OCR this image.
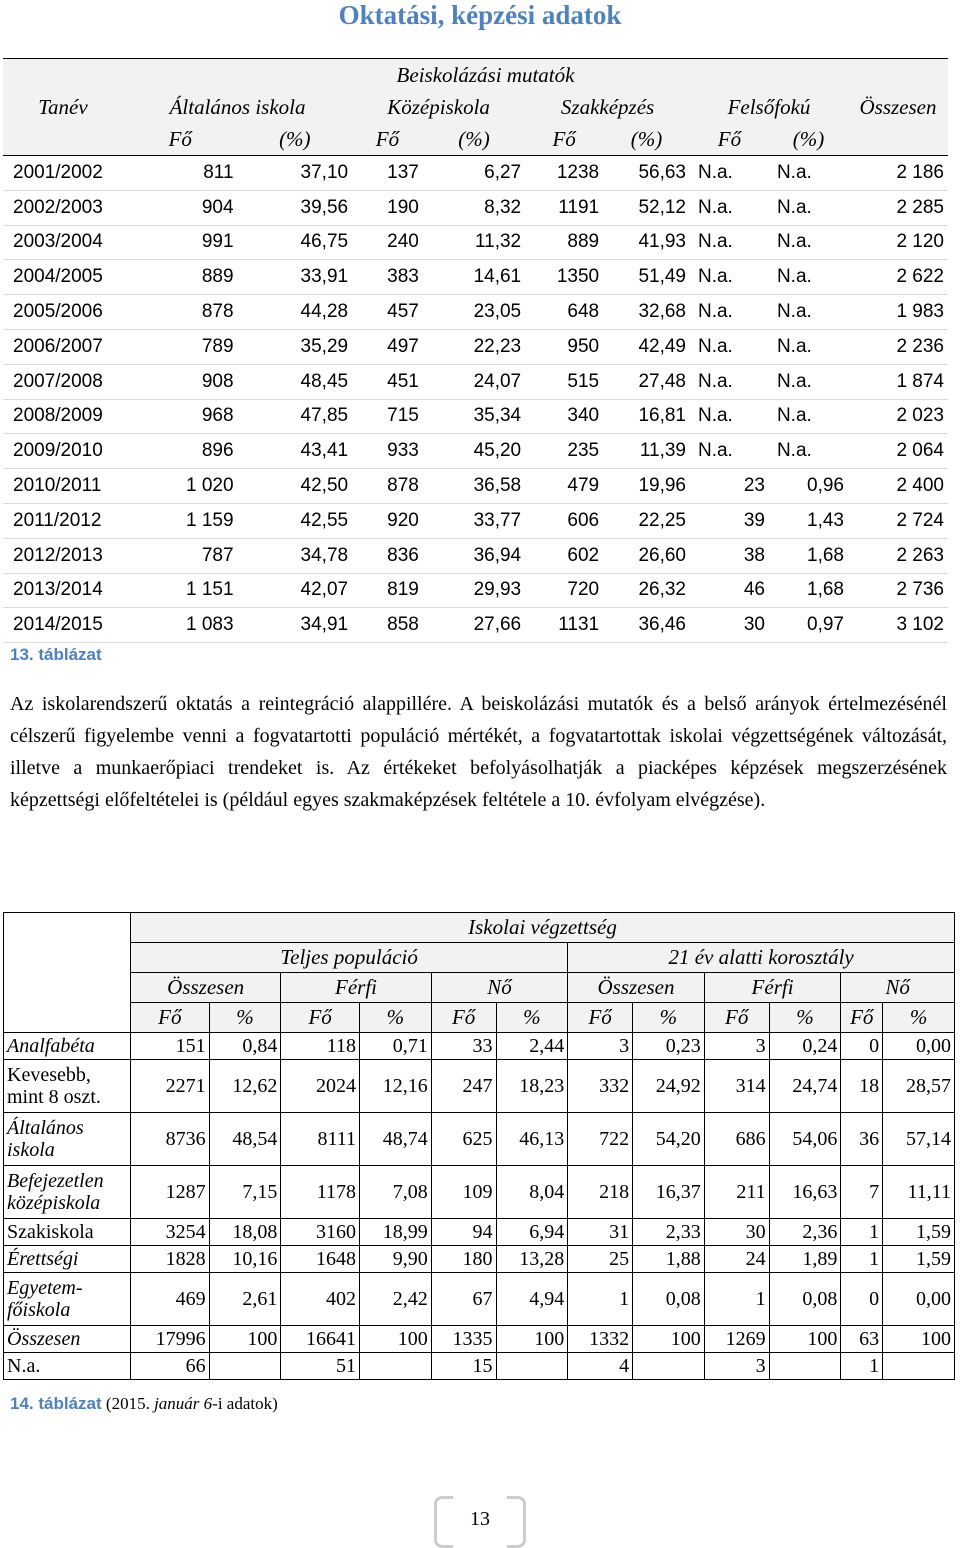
Oktatási, képzési adatok
Tanév	Beiskolázási mutatók								Összesen
	Általános iskola		Középiskola		Szakképzés		Felsőfokú		
	Fő	(%)	Fő	(%)	Fő	(%)	Fő	(%)	
2001/2002	811	37,10	137	6,27	1238	56,63	N.a.	N.a.	2 186
2002/2003	904	39,56	190	8,32	1191	52,12	N.a.	N.a.	2 285
2003/2004	991	46,75	240	11,32	889	41,93	N.a.	N.a.	2 120
2004/2005	889	33,91	383	14,61	1350	51,49	N.a.	N.a.	2 622
2005/2006	878	44,28	457	23,05	648	32,68	N.a.	N.a.	1 983
2006/2007	789	35,29	497	22,23	950	42,49	N.a.	N.a.	2 236
2007/2008	908	48,45	451	24,07	515	27,48	N.a.	N.a.	1 874
2008/2009	968	47,85	715	35,34	340	16,81	N.a.	N.a.	2 023
2009/2010	896	43,41	933	45,20	235	11,39	N.a.	N.a.	2 064
2010/2011	1 020	42,50	878	36,58	479	19,96	23	0,96	2 400
2011/2012	1 159	42,55	920	33,77	606	22,25	39	1,43	2 724
2012/2013	787	34,78	836	36,94	602	26,60	38	1,68	2 263
2013/2014	1 151	42,07	819	29,93	720	26,32	46	1,68	2 736
2014/2015	1 083	34,91	858	27,66	1131	36,46	30	0,97	3 102
13. táblázat
Az iskolarendszerű oktatás a reintegráció alappillére. A beiskolázási mutatók és a belső arányok értelmezésénél célszerű figyelembe venni a fogvatartotti populáció mértékét, a fogvatartottak iskolai végzettségének változását, illetve a munkaerőpiaci trendeket is. Az értékeket befolyásolhatják a piacképes képzések megszerzésének képzettségi előfeltételei is (például egyes szakmaképzések feltétele a 10. évfolyam elvégzése).
	Iskolai végzettség											
	Teljes populáció						21 év alatti korosztály					
	Összesen		Férfi		Nő		Összesen		Férfi		Nő	
	Fő	%	Fő	%	Fő	%	Fő	%	Fő	%	Fő	%
Analfabéta	151	0,84	118	0,71	33	2,44	3	0,23	3	0,24	0	0,00
Kevesebb, mint 8 oszt.	2271	12,62	2024	12,16	247	18,23	332	24,92	314	24,74	18	28,57
Általános iskola	8736	48,54	8111	48,74	625	46,13	722	54,20	686	54,06	36	57,14
Befejezetlen középiskola	1287	7,15	1178	7,08	109	8,04	218	16,37	211	16,63	7	11,11
Szakiskola	3254	18,08	3160	18,99	94	6,94	31	2,33	30	2,36	1	1,59
Érettségi	1828	10,16	1648	9,90	180	13,28	25	1,88	24	1,89	1	1,59
Egyetem-főiskola	469	2,61	402	2,42	67	4,94	1	0,08	1	0,08	0	0,00
Összesen	17996	100	16641	100	1335	100	1332	100	1269	100	63	100
N.a.	66		51		15		4		3		1	
14. táblázat (2015. január 6-i adatok)
13
